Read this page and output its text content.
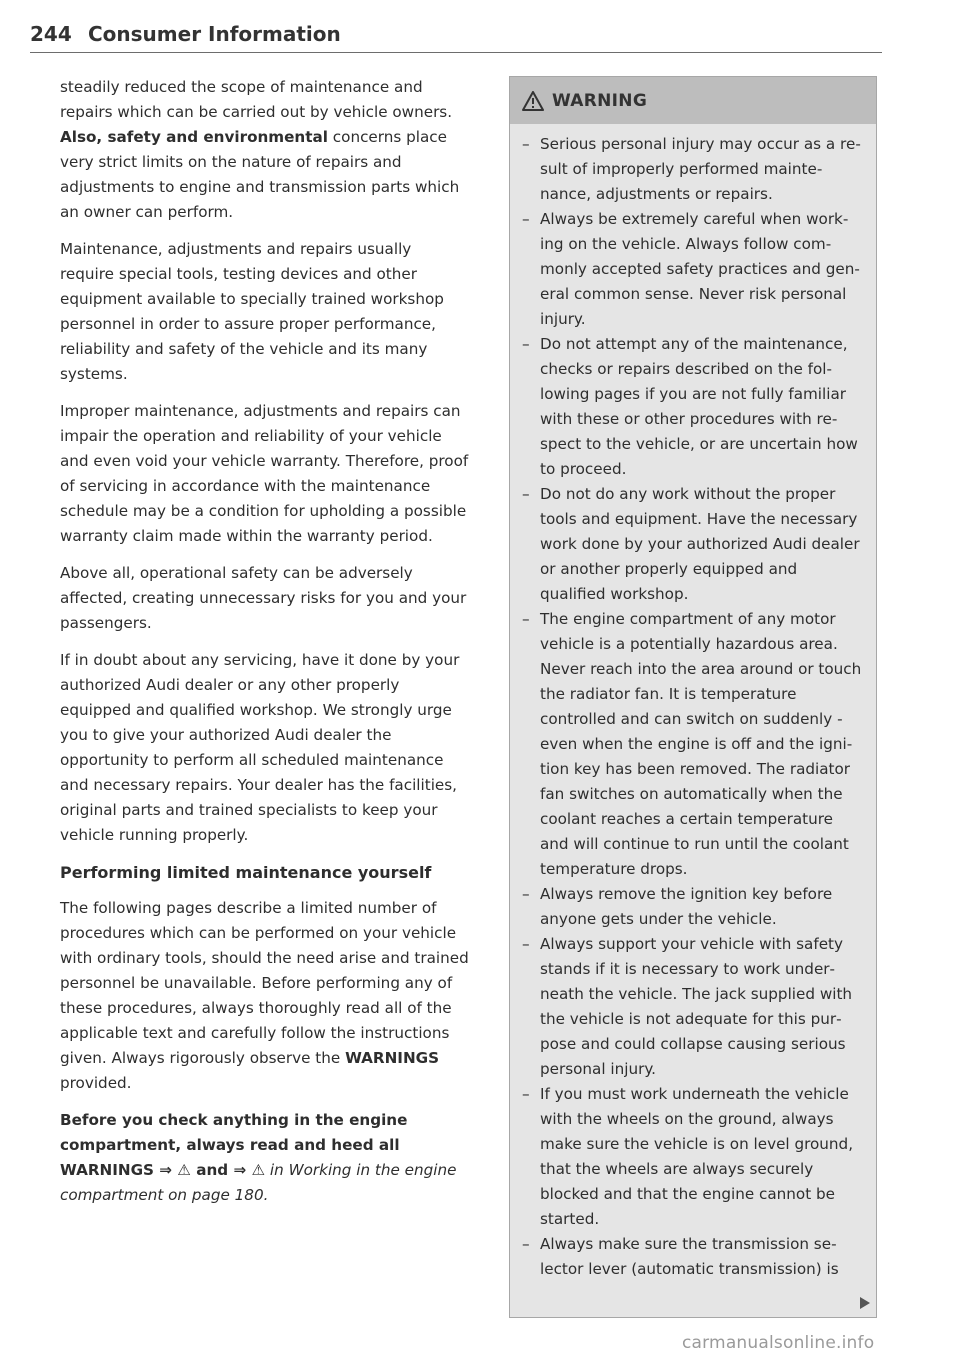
244 Consumer Information

steadily reduced the scope of maintenance and repairs which can be carried out by vehicle owners. Also, safety and environmental concerns place very strict limits on the nature of repairs and adjustments to engine and transmission parts which an owner can perform.

Maintenance, adjustments and repairs usually require special tools, testing devices and other equipment available to specially trained workshop personnel in order to assure proper performance, reliability and safety of the vehicle and its many systems.

Improper maintenance, adjustments and repairs can impair the operation and reliability of your vehicle and even void your vehicle warranty. Therefore, proof of servicing in accordance with the maintenance schedule may be a condition for upholding a possible warranty claim made within the warranty period.

Above all, operational safety can be adversely affected, creating unnecessary risks for you and your passengers.

If in doubt about any servicing, have it done by your authorized Audi dealer or any other properly equipped and qualified workshop. We strongly urge you to give your authorized Audi dealer the opportunity to perform all scheduled maintenance and necessary repairs. Your dealer has the facilities, original parts and trained specialists to keep your vehicle running properly.

Performing limited maintenance yourself

The following pages describe a limited number of procedures which can be performed on your vehicle with ordinary tools, should the need arise and trained personnel be unavailable. Before performing any of these procedures, always thoroughly read all of the applicable text and carefully follow the instructions given. Always rigorously observe the WARNINGS provided.

Before you check anything in the engine compartment, always read and heed all WARNINGS ⇒ ⚠ and ⇒ ⚠ in Working in the engine compartment on page 180.

WARNING
– Serious personal injury may occur as a result of improperly performed maintenance, adjustments or repairs.
– Always be extremely careful when working on the vehicle. Always follow commonly accepted safety practices and general common sense. Never risk personal injury.
– Do not attempt any of the maintenance, checks or repairs described on the following pages if you are not fully familiar with these or other procedures with respect to the vehicle, or are uncertain how to proceed.
– Do not do any work without the proper tools and equipment. Have the necessary work done by your authorized Audi dealer or another properly equipped and qualified workshop.
– The engine compartment of any motor vehicle is a potentially hazardous area. Never reach into the area around or touch the radiator fan. It is temperature controlled and can switch on suddenly - even when the engine is off and the ignition key has been removed. The radiator fan switches on automatically when the coolant reaches a certain temperature and will continue to run until the coolant temperature drops.
– Always remove the ignition key before anyone gets under the vehicle.
– Always support your vehicle with safety stands if it is necessary to work underneath the vehicle. The jack supplied with the vehicle is not adequate for this purpose and could collapse causing serious personal injury.
– If you must work underneath the vehicle with the wheels on the ground, always make sure the vehicle is on level ground, that the wheels are always securely blocked and that the engine cannot be started.
– Always make sure the transmission selector lever (automatic transmission) is
carmanualsonline.info
